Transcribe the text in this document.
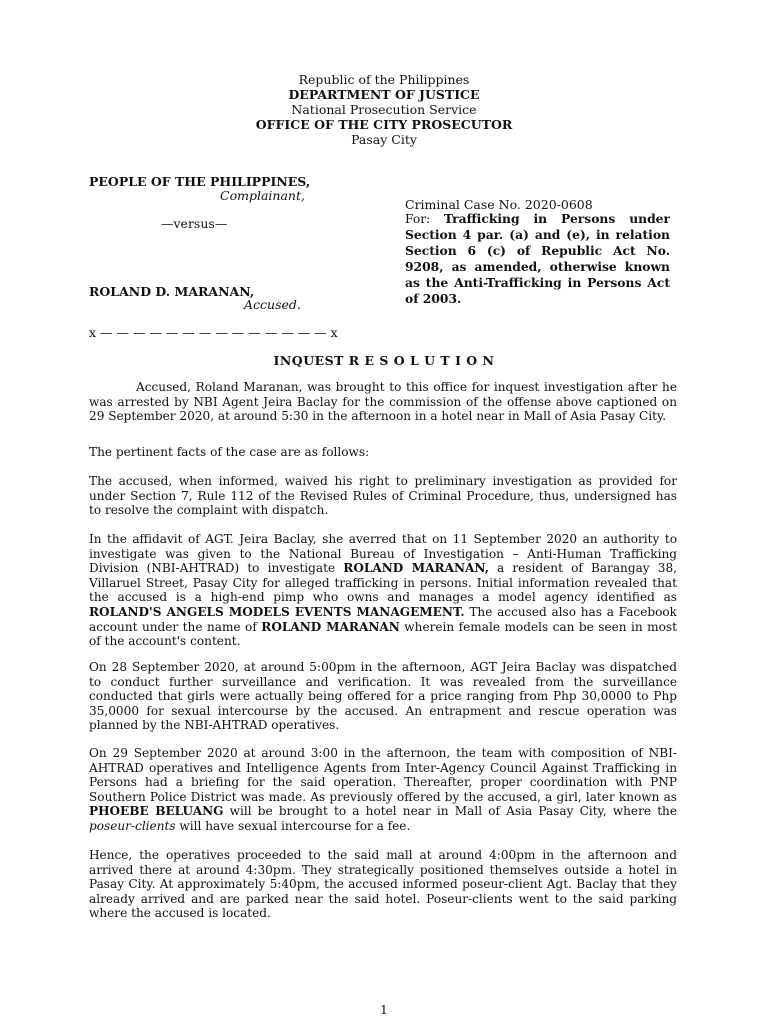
Republic of the Philippines
DEPARTMENT OF JUSTICE
National Prosecution Service
OFFICE OF THE CITY PROSECUTOR
Pasay City
PEOPLE OF THE PHILIPPINES,
Complainant,
—versus—
ROLAND D. MARANAN,
Accused.
x — — — — — — — — — — — — — — x
Criminal Case No. 2020-0608
For: Trafficking in Persons under Section 4 par. (a) and (e), in relation Section 6 (c) of Republic Act No. 9208, as amended, otherwise known as the Anti-Trafficking in Persons Act of 2003.
INQUEST R E S O L U T I O N
Accused, Roland Maranan, was brought to this office for inquest investigation after he was arrested by NBI Agent Jeira Baclay for the commission of the offense above captioned on 29 September 2020, at around 5:30 in the afternoon in a hotel near in Mall of Asia Pasay City.
The pertinent facts of the case are as follows:
The accused, when informed, waived his right to preliminary investigation as provided for under Section 7, Rule 112 of the Revised Rules of Criminal Procedure, thus, undersigned has to resolve the complaint with dispatch.
In the affidavit of AGT. Jeira Baclay, she averred that on 11 September 2020 an authority to investigate was given to the National Bureau of Investigation – Anti-Human Trafficking Division (NBI-AHTRAD) to investigate ROLAND MARANAN, a resident of Barangay 38, Villaruel Street, Pasay City for alleged trafficking in persons. Initial information revealed that the accused is a high-end pimp who owns and manages a model agency identified as ROLAND'S ANGELS MODELS EVENTS MANAGEMENT. The accused also has a Facebook account under the name of ROLAND MARANAN wherein female models can be seen in most of the account's content.
On 28 September 2020, at around 5:00pm in the afternoon, AGT Jeira Baclay was dispatched to conduct further surveillance and verification. It was revealed from the surveillance conducted that girls were actually being offered for a price ranging from Php 30,0000 to Php 35,0000 for sexual intercourse by the accused. An entrapment and rescue operation was planned by the NBI-AHTRAD operatives.
On 29 September 2020 at around 3:00 in the afternoon, the team with composition of NBI-AHTRAD operatives and Intelligence Agents from Inter-Agency Council Against Trafficking in Persons had a briefing for the said operation. Thereafter, proper coordination with PNP Southern Police District was made. As previously offered by the accused, a girl, later known as PHOEBE BELUANG will be brought to a hotel near in Mall of Asia Pasay City, where the poseur-clients will have sexual intercourse for a fee.
Hence, the operatives proceeded to the said mall at around 4:00pm in the afternoon and arrived there at around 4:30pm. They strategically positioned themselves outside a hotel in Pasay City. At approximately 5:40pm, the accused informed poseur-client Agt. Baclay that they already arrived and are parked near the said hotel. Poseur-clients went to the said parking where the accused is located.
1
